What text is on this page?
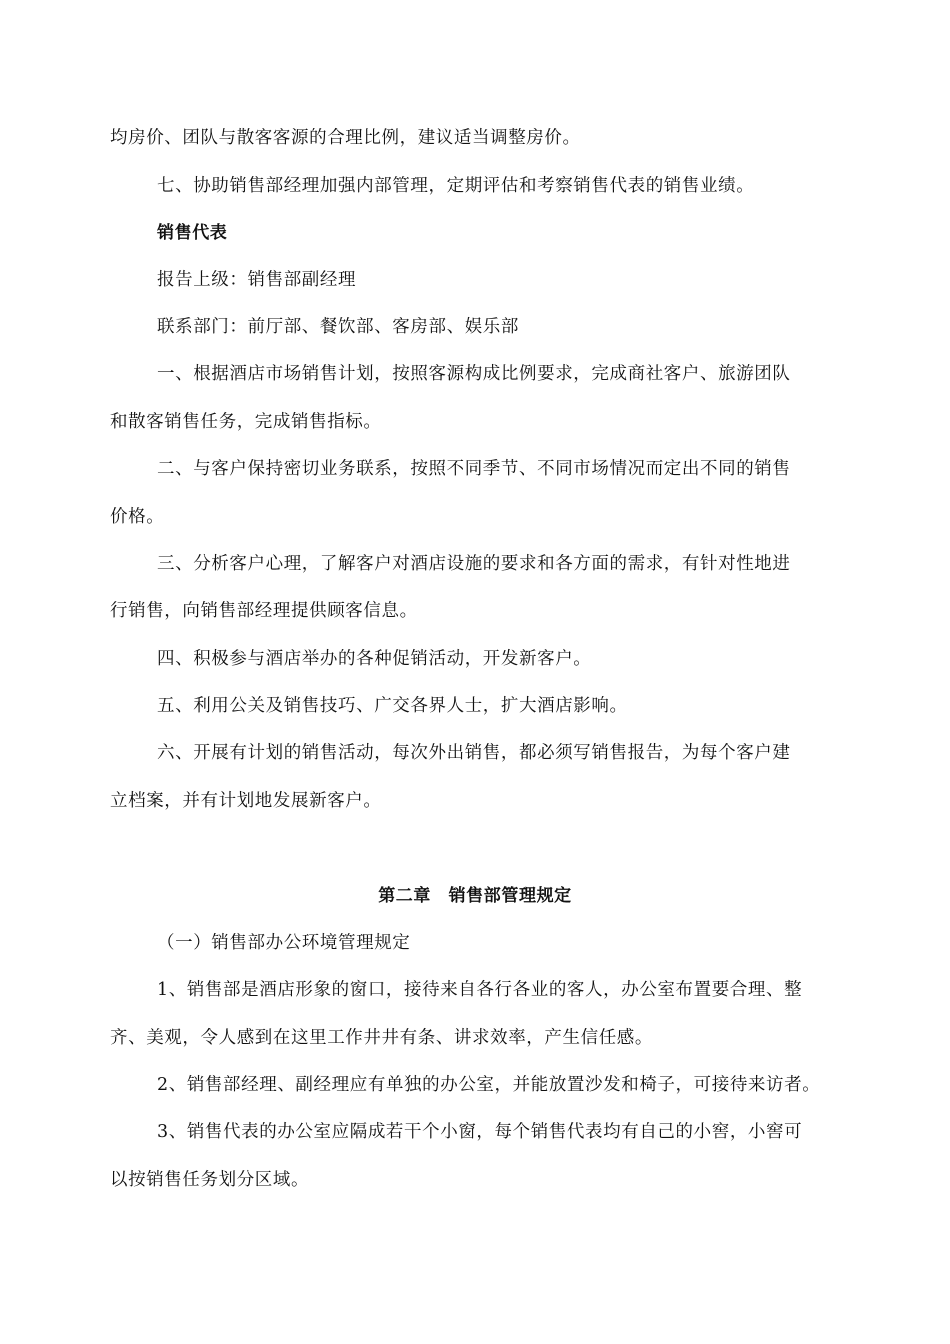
均房价、团队与散客客源的合理比例，建议适当调整房价。
七、协助销售部经理加强内部管理，定期评估和考察销售代表的销售业绩。
销售代表
报告上级：销售部副经理
联系部门：前厅部、餐饮部、客房部、娱乐部
一、根据酒店市场销售计划，按照客源构成比例要求，完成商社客户、旅游团队
和散客销售任务，完成销售指标。
二、与客户保持密切业务联系，按照不同季节、不同市场情况而定出不同的销售
价格。
三、分析客户心理，了解客户对酒店设施的要求和各方面的需求，有针对性地进
行销售，向销售部经理提供顾客信息。
四、积极参与酒店举办的各种促销活动，开发新客户。
五、利用公关及销售技巧、广交各界人士，扩大酒店影响。
六、开展有计划的销售活动，每次外出销售，都必须写销售报告，为每个客户建
立档案，并有计划地发展新客户。
第二章　销售部管理规定
（一）销售部办公环境管理规定
1、销售部是酒店形象的窗口，接待来自各行各业的客人，办公室布置要合理、整
齐、美观，令人感到在这里工作井井有条、讲求效率，产生信任感。
2、销售部经理、副经理应有单独的办公室，并能放置沙发和椅子，可接待来访者。
3、销售代表的办公室应隔成若干个小窗，每个销售代表均有自己的小窖，小窖可
以按销售任务划分区域。
